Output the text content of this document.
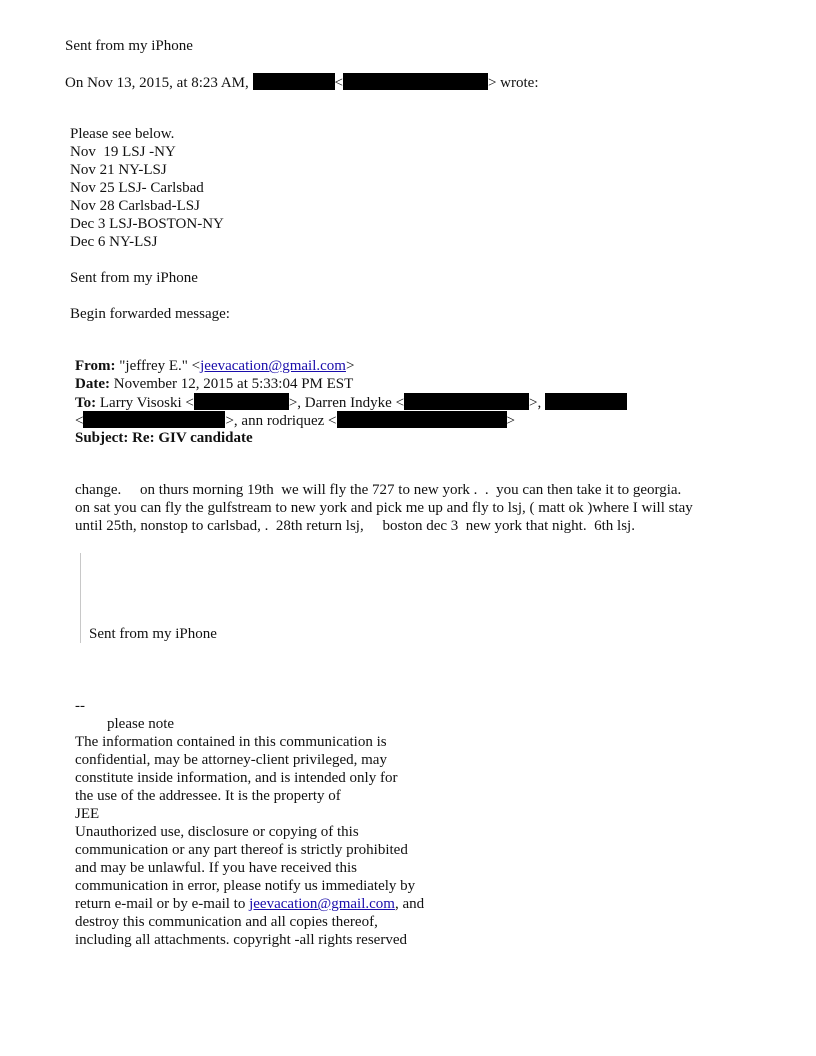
Sent from my iPhone
On Nov 13, 2015, at 8:23 AM,	<	> wrote:
Please see below.
Nov  19 LSJ -NY
Nov 21 NY-LSJ
Nov 25 LSJ- Carlsbad
Nov 28 Carlsbad-LSJ
Dec 3 LSJ-BOSTON-NY
Dec 6 NY-LSJ
Sent from my iPhone
Begin forwarded message:
From: "jeffrey E." <jeevacation@gmail.com>
Date: November 12, 2015 at 5:33:04 PM EST
To: Larry Visoski <	>, Darren Indyke <	>,
<	>, ann rodriquez <	>
Subject: Re: GIV candidate
change.     on thurs morning 19th  we will fly the 727 to new york .  .  you can then take it to georgia.
on sat you can fly the gulfstream to new york and pick me up and fly to lsj, ( matt ok )where I will stay
until 25th, nonstop to carlsbad, .  28th return lsj,     boston dec 3  new york that night.  6th lsj.
Sent from my iPhone
--
please note
The information contained in this communication is
confidential, may be attorney-client privileged, may
constitute inside information, and is intended only for
the use of the addressee. It is the property of
JEE
Unauthorized use, disclosure or copying of this
communication or any part thereof is strictly prohibited
and may be unlawful. If you have received this
communication in error, please notify us immediately by
return e-mail or by e-mail to jeevacation@gmail.com, and
destroy this communication and all copies thereof,
including all attachments. copyright -all rights reserved
